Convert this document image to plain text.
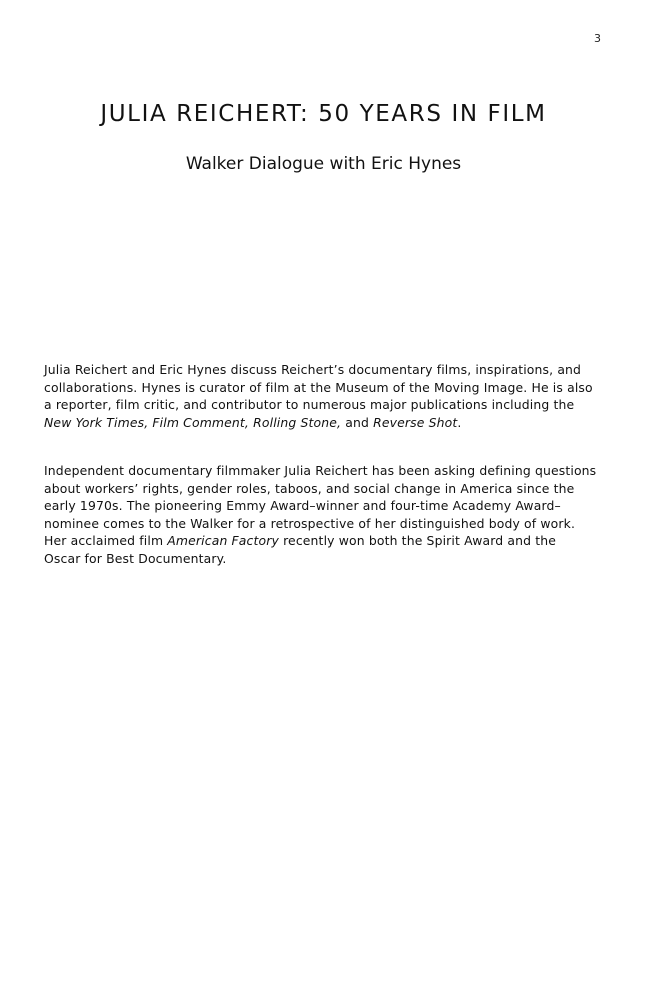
3
JULIA REICHERT: 50 YEARS IN FILM
Walker Dialogue with Eric Hynes

Julia Reichert and Eric Hynes discuss Reichert’s documentary films, inspirations, and
collaborations. Hynes is curator of film at the Museum of the Moving Image. He is also
a reporter, film critic, and contributor to numerous major publications including the
New York Times, Film Comment, Rolling Stone, and Reverse Shot.

Independent documentary filmmaker Julia Reichert has been asking defining questions
about workers’ rights, gender roles, taboos, and social change in America since the
early 1970s. The pioneering Emmy Award–winner and four-time Academy Award–
nominee comes to the Walker for a retrospective of her distinguished body of work.
Her acclaimed film American Factory recently won both the Spirit Award and the
Oscar for Best Documentary.
